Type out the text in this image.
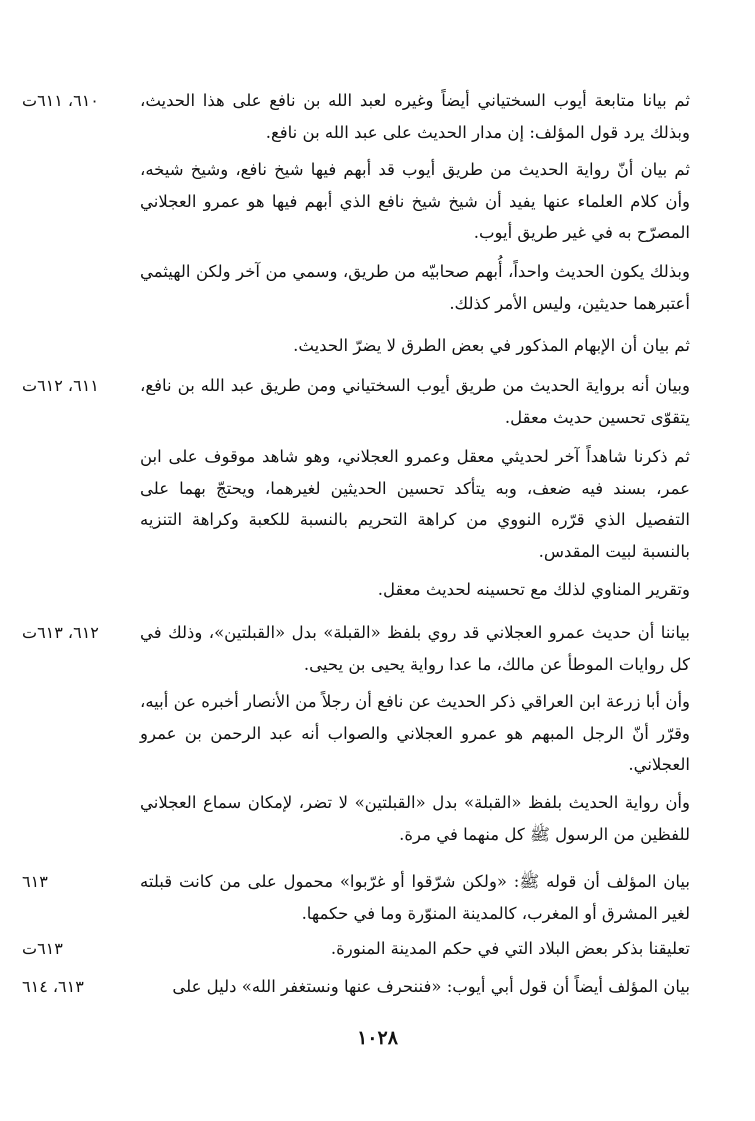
٦١٠، ٦١١ت	ثم بيانا متابعة أيوب السختياني أيضاً وغيره لعبد الله بن نافع على هذا الحديث، وبذلك يرد قول المؤلف: إن مدار الحديث على عبد الله بن نافع.
ثم بيان أنّ رواية الحديث من طريق أيوب قد أبهم فيها شيخ نافع، وشيخ شيخه، وأن كلام العلماء عنها يفيد أن شيخ شيخ نافع الذي أبهم فيها هو عمرو العجلاني المصرّح به في غير طريق أيوب.
وبذلك يكون الحديث واحداً، أُبهم صحابيّه من طريق، وسمي من آخر ولكن الهيثمي أعتبرهما حديثين، وليس الأمر كذلك.
ثم بيان أن الإبهام المذكور في بعض الطرق لا يضرّ الحديث.
٦١١، ٦١٢ت	وبيان أنه برواية الحديث من طريق أيوب السختياني ومن طريق عبد الله بن نافع، يتقوّى تحسين حديث معقل.
ثم ذكرنا شاهداً آخر لحديثي معقل وعمرو العجلاني، وهو شاهد موقوف على ابن عمر، بسند فيه ضعف، وبه يتأكد تحسين الحديثين لغيرهما، ويحتجّ بهما على التفصيل الذي قرّره النووي من كراهة التحريم بالنسبة للكعبة وكراهة التنزيه بالنسبة لبيت المقدس.
وتقرير المناوي لذلك مع تحسينه لحديث معقل.
٦١٢، ٦١٣ت	بياننا أن حديث عمرو العجلاني قد روي بلفظ «القبلة» بدل «القبلتين»، وذلك في كل روايات الموطأ عن مالك، ما عدا رواية يحيى بن يحيى.
وأن أبا زرعة ابن العراقي ذكر الحديث عن نافع أن رجلاً من الأنصار أخبره عن أبيه، وقرّر أنّ الرجل المبهم هو عمرو العجلاني والصواب أنه عبد الرحمن بن عمرو العجلاني.
وأن رواية الحديث بلفظ «القبلة» بدل «القبلتين» لا تضر، لإمكان سماع العجلاني للفظين من الرسول ﷺ كل منهما في مرة.
٦١٣	بيان المؤلف أن قوله ﷺ: «ولكن شرّقوا أو غرّبوا» محمول على من كانت قبلته لغير المشرق أو المغرب، كالمدينة المنوّرة وما في حكمها.
٦١٣ت	تعليقنا بذكر بعض البلاد التي في حكم المدينة المنورة.
٦١٣، ٦١٤	بيان المؤلف أيضاً أن قول أبي أيوب: «فننحرف عنها ونستغفر الله» دليل على
١٠٢٨
